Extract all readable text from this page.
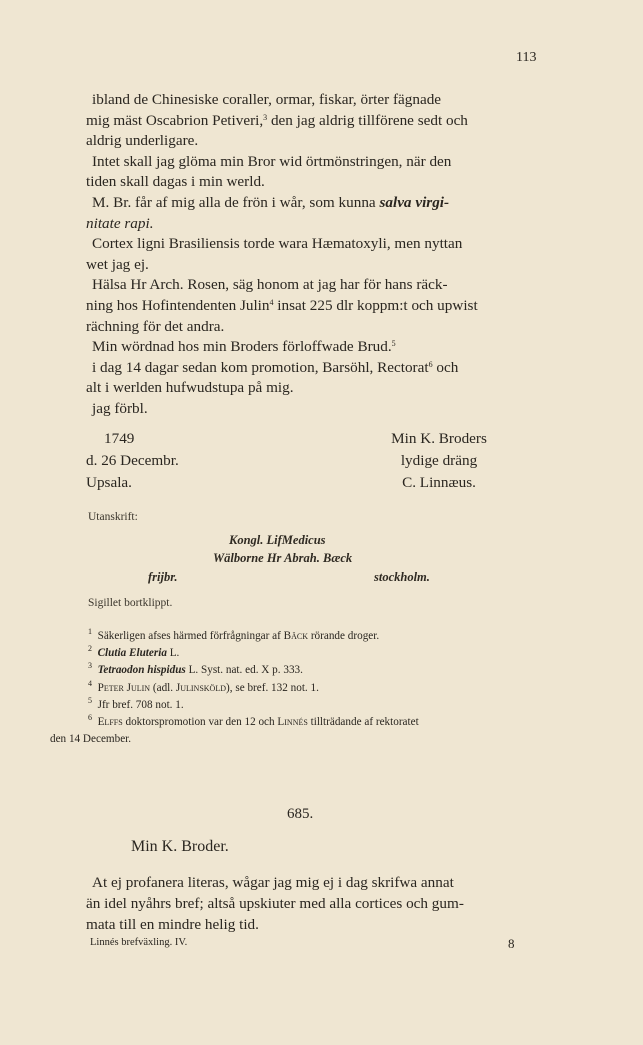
113
ibland de Chinesiske coraller, ormar, fiskar, örter fägnade
mig mäst Oscabrion Petiveri,$^3$ den jag aldrig tillförene sedt och
aldrig underligare.
Intet skall jag glömа min Bror wid örtmönstringen, när den
tiden skall dagas i min werld.
M. Br. får af mig alla de frön i wår, som kunna salva virgi-
nitate rapi.
Cortex ligni Brasiliensis torde wara Hæmatoxyli, men nyttan
wet jag ej.
Hälsa Hr Arch. Rosen, säg honom at jag har för hans räck-
ning hos Hofintendenten Julin$^4$ insat 225 dlr koppm:t och upwist
rächning för det andra.
Min wördnad hos min Broders förloffwade Brud.$^5$
i dag 14 dagar sedan kom promotion, Barsöhl, Rectorat$^6$ och
alt i werlden hufwudstupa på mig.
jag förbl.
1749	Min K. Broders
d. 26 Decembr.	lydige dräng
Upsala.	C. Linnæus.
Utanskrift:
Kongl. LifMedicus
Wälborne Hr Abrah. Bæck
frijbr.	stockholm.
Sigillet bortklippt.
$^1$ Säkerligen afses härmed förfrågningar af Bäck rörande droger.
$^2$ Clutia Eluteria L.
$^3$ Tetraodon hispidus L. Syst. nat. ed. X p. 333.
$^4$ Peter Julin (adl. Julinsköld), se bref. 132 not. 1.
$^5$ Jfr bref. 708 not. 1.
$^6$ Elffs doktorspromotion var den 12 och Linnés tillträdande af rektoratet
den 14 December.
685.
Min K. Broder.
At ej profanera literas, wågar jag mig ej i dag skrifwa annat
än idel nyåhrs bref; altså upskiuter med alla cortices och gum-
mata till en mindre helig tid.
Linnés brefväxling. IV.	8
